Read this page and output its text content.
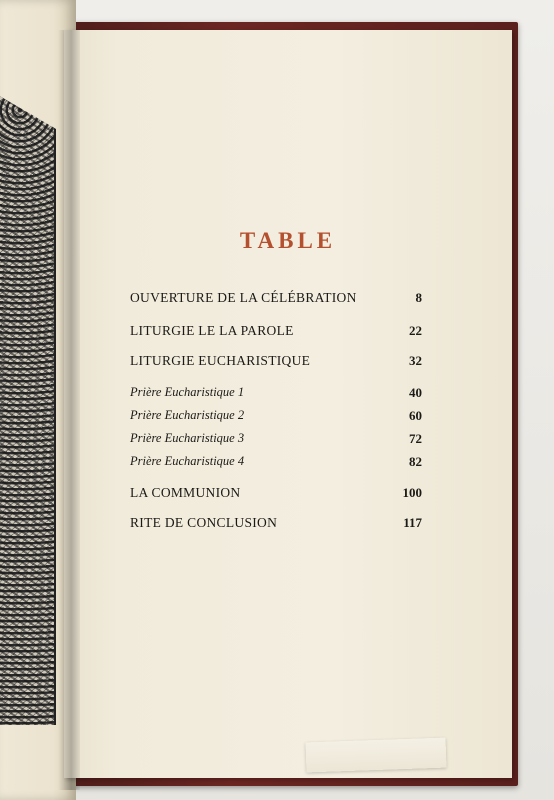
TABLE
OUVERTURE DE LA CÉLÉBRATION	8
LITURGIE LE LA PAROLE	22
LITURGIE EUCHARISTIQUE	32
Prière Eucharistique 1	40
Prière Eucharistique 2	60
Prière Eucharistique 3	72
Prière Eucharistique 4	82
LA COMMUNION	100
RITE DE CONCLUSION	117
